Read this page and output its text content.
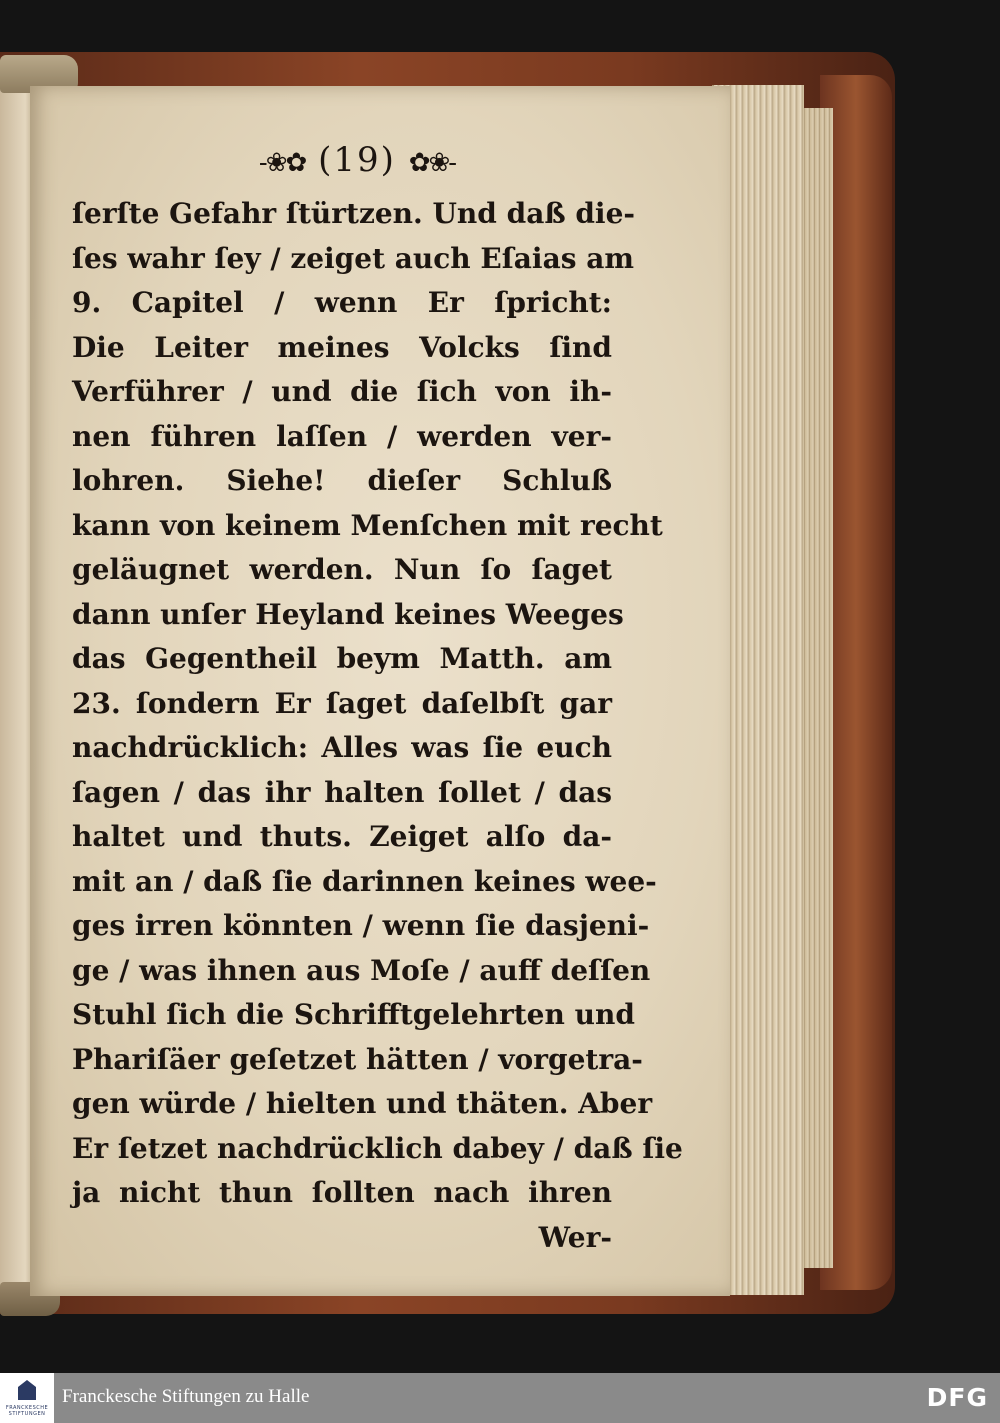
-❀✿ (19) ✿❀-
ſerſte Gefahr ſtürtzen. Und daß die-
ſes wahr ſey / zeiget auch Eſaias am
9. Capitel / wenn Er ſpricht:
Die Leiter meines Volcks ſind
Verführer / und die ſich von ih-
nen führen laſſen / werden ver-
lohren. Siehe! dieſer Schluß
kann von keinem Menſchen mit recht
geläugnet werden. Nun ſo ſaget
dann unſer Heyland keines Weeges
das Gegentheil beym Matth. am
23. ſondern Er ſaget daſelbſt gar
nachdrücklich: Alles was ſie euch
ſagen / das ihr halten ſollet / das
haltet und thuts. Zeiget alſo da-
mit an / daß ſie darinnen keines wee-
ges irren könnten / wenn ſie dasjeni-
ge / was ihnen aus Moſe / auff deſſen
Stuhl ſich die Schrifftgelehrten und
Phariſäer geſetzet hätten / vorgetra-
gen würde / hielten und thäten. Aber
Er ſetzet nachdrücklich dabey / daß ſie
ja nicht thun ſollten nach ihren
Wer-
FRANCKESCHE STIFTUNGEN
Franckesche Stiftungen zu Halle	DFG
